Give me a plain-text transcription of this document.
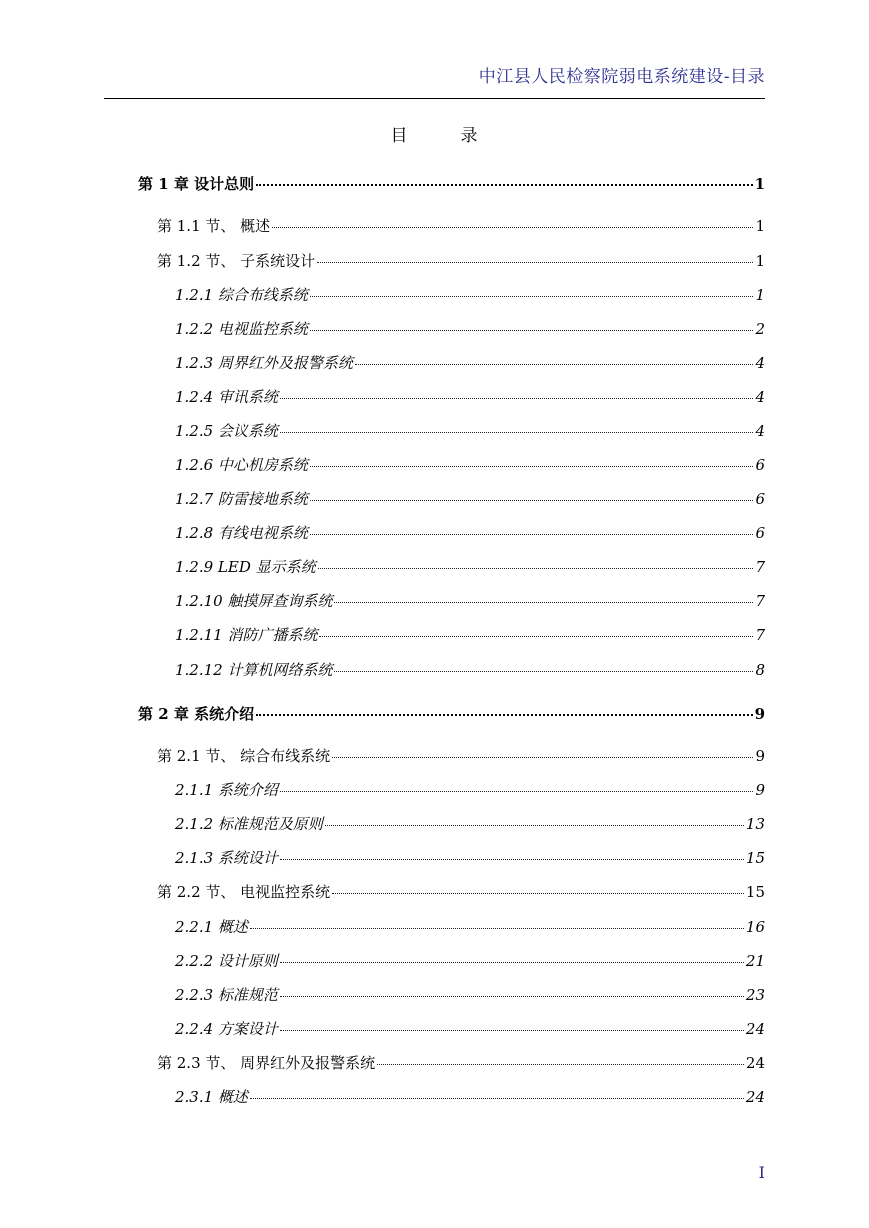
中江县人民检察院弱电系统建设-目录
目	录
第 1 章 设计总则	1
第 1.1 节、 概述	1
第 1.2 节、 子系统设计	1
1.2.1 综合布线系统	1
1.2.2 电视监控系统	2
1.2.3 周界红外及报警系统	4
1.2.4 审讯系统	4
1.2.5 会议系统	4
1.2.6 中心机房系统	6
1.2.7 防雷接地系统	6
1.2.8 有线电视系统	6
1.2.9 LED 显示系统	7
1.2.10 触摸屏查询系统	7
1.2.11 消防广播系统	7
1.2.12 计算机网络系统	8
第 2 章 系统介绍	9
第 2.1 节、 综合布线系统	9
2.1.1 系统介绍	9
2.1.2 标准规范及原则	13
2.1.3 系统设计	15
第 2.2 节、 电视监控系统	15
2.2.1 概述	16
2.2.2 设计原则	21
2.2.3 标准规范	23
2.2.4 方案设计	24
第 2.3 节、 周界红外及报警系统	24
2.3.1 概述	24
I
